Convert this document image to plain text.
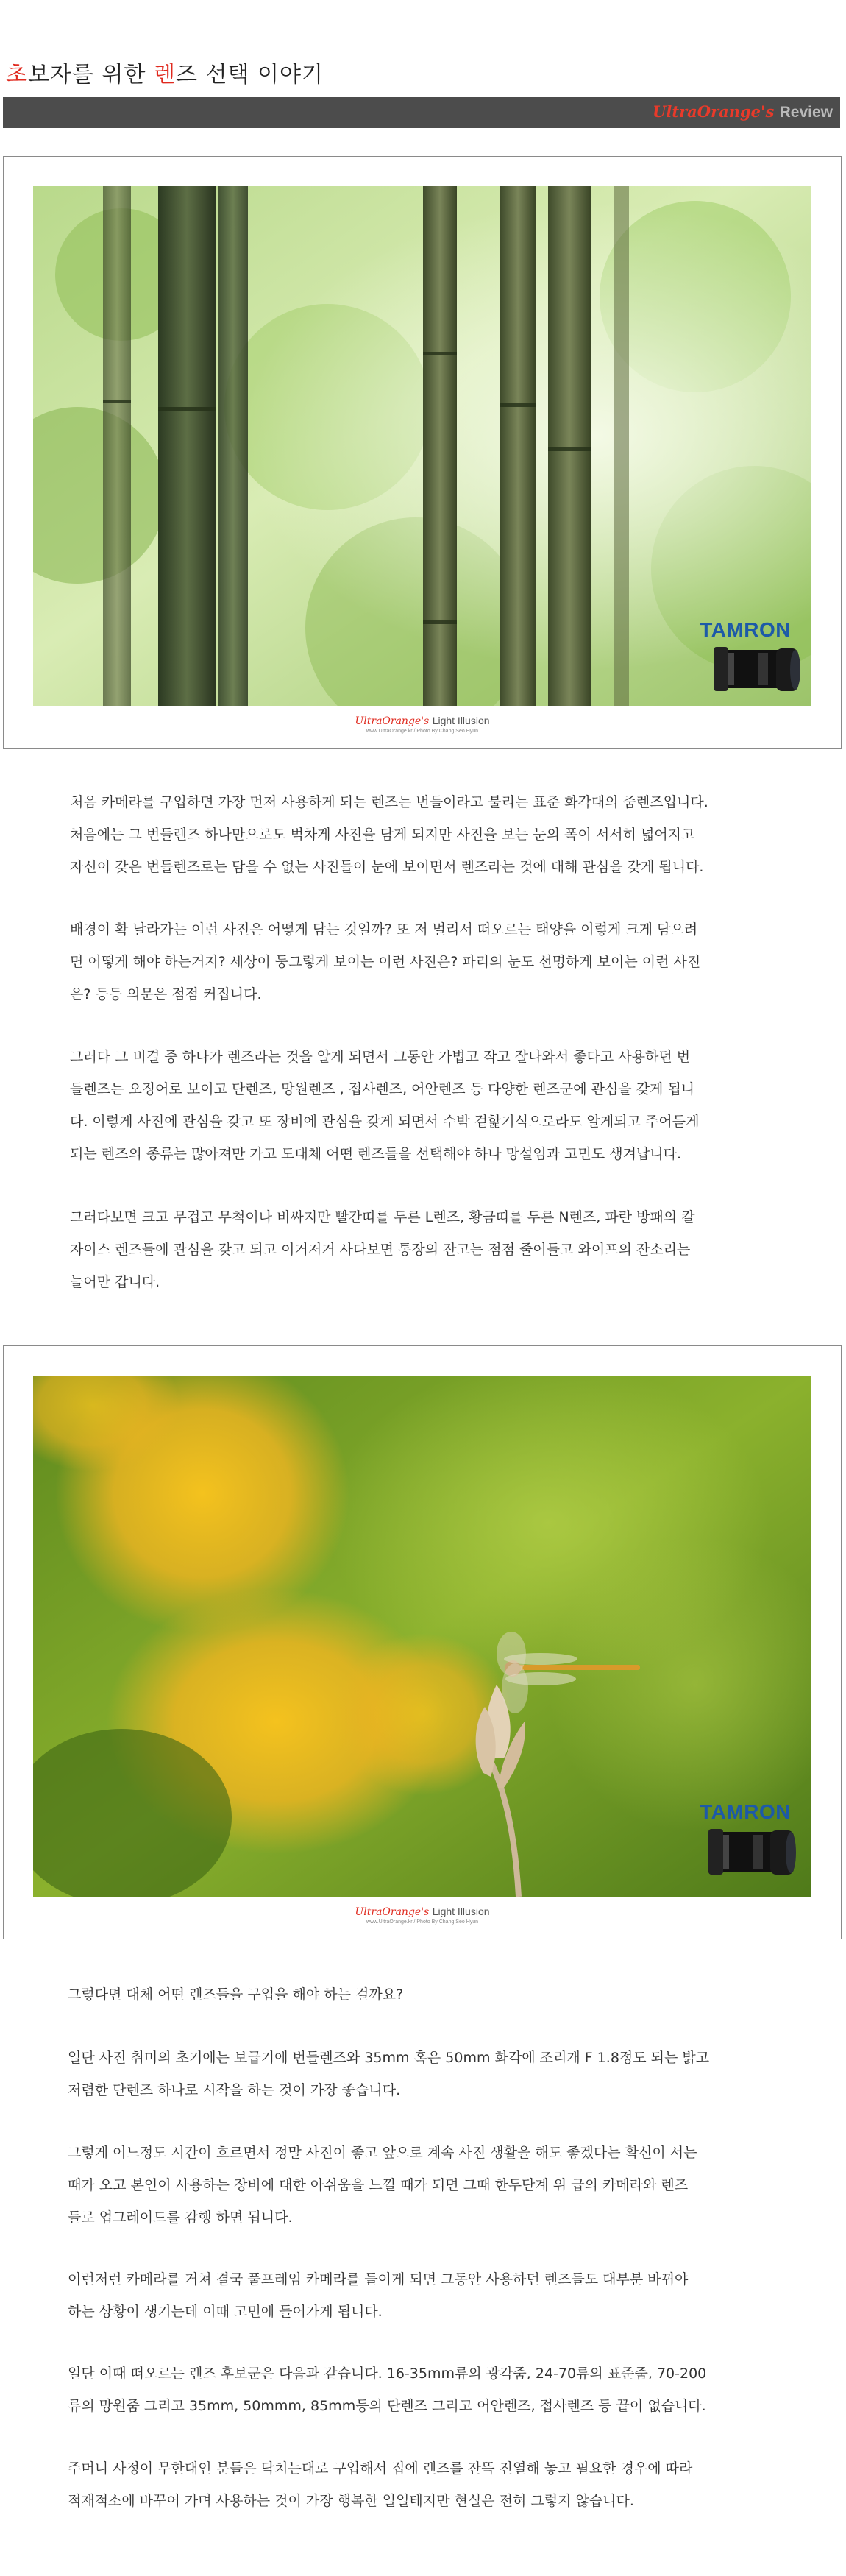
초보자를 위한 렌즈 선택 이야기
UltraOrange's Review
TAMRON
UltraOrange's Light Illusion
www.UltraOrange.kr / Photo By Chang Seo Hyun

처음 카메라를 구입하면 가장 먼저 사용하게 되는 렌즈는 번들이라고 불리는 표준 화각대의 줌렌즈입니다.
처음에는 그 번들렌즈 하나만으로도 벅차게 사진을 담게 되지만 사진을 보는 눈의 폭이 서서히 넓어지고
자신이 갖은 번들렌즈로는 담을 수 없는 사진들이 눈에 보이면서 렌즈라는 것에 대해 관심을 갖게 됩니다.

배경이 확 날라가는 이런 사진은 어떻게 담는 것일까? 또 저 멀리서 떠오르는 태양을 이렇게 크게 담으려
면 어떻게 해야 하는거지? 세상이 둥그렇게 보이는 이런 사진은? 파리의 눈도 선명하게 보이는 이런 사진
은? 등등 의문은 점점 커집니다.

그러다 그 비결 중 하나가 렌즈라는 것을 알게 되면서 그동안 가볍고 작고 잘나와서 좋다고 사용하던 번
들렌즈는 오징어로 보이고 단렌즈, 망원렌즈 , 접사렌즈, 어안렌즈 등 다양한 렌즈군에 관심을 갖게 됩니
다. 이렇게 사진에 관심을 갖고 또 장비에 관심을 갖게 되면서 수박 겉핥기식으로라도 알게되고 주어듣게
되는 렌즈의 종류는 많아져만 가고 도대체 어떤 렌즈들을 선택해야 하나 망설임과 고민도 생겨납니다.

그러다보면 크고 무겁고 무척이나 비싸지만 빨간띠를 두른 L렌즈, 황금띠를 두른 N렌즈, 파란 방패의 칼
자이스 렌즈들에 관심을 갖고 되고 이거저거 사다보면 통장의 잔고는 점점 줄어들고 와이프의 잔소리는
늘어만 갑니다.

TAMRON
UltraOrange's Light Illusion
www.UltraOrange.kr / Photo By Chang Seo Hyun

그렇다면 대체 어떤 렌즈들을 구입을 해야 하는 걸까요?

일단 사진 취미의 초기에는 보급기에 번들렌즈와 35mm 혹은 50mm 화각에 조리개 F 1.8정도 되는 밝고
저렴한 단렌즈 하나로 시작을 하는 것이 가장 좋습니다.

그렇게 어느정도 시간이 흐르면서 정말 사진이 좋고 앞으로 계속 사진 생활을 해도 좋겠다는 확신이 서는
때가 오고 본인이 사용하는 장비에 대한 아쉬움을 느낄 때가 되면 그때 한두단계 위 급의 카메라와 렌즈
들로 업그레이드를 감행 하면 됩니다.

이런저런 카메라를 거쳐 결국 풀프레임 카메라를 들이게 되면 그동안 사용하던 렌즈들도 대부분 바뀌야
하는 상황이 생기는데 이때 고민에 들어가게 됩니다.

일단 이때 떠오르는 렌즈 후보군은 다음과 같습니다. 16-35mm류의 광각줌, 24-70류의 표준줌, 70-200
류의 망원줌 그리고 35mm, 50mmm, 85mm등의 단렌즈 그리고 어안렌즈, 접사렌즈 등 끝이 없습니다.

주머니 사정이 무한대인 분들은 닥치는대로 구입해서 집에 렌즈를 잔뜩 진열해 놓고 필요한 경우에 따라
적재적소에 바꾸어 가며 사용하는 것이 가장 행복한 일일테지만 현실은 전혀 그렇지 않습니다.
